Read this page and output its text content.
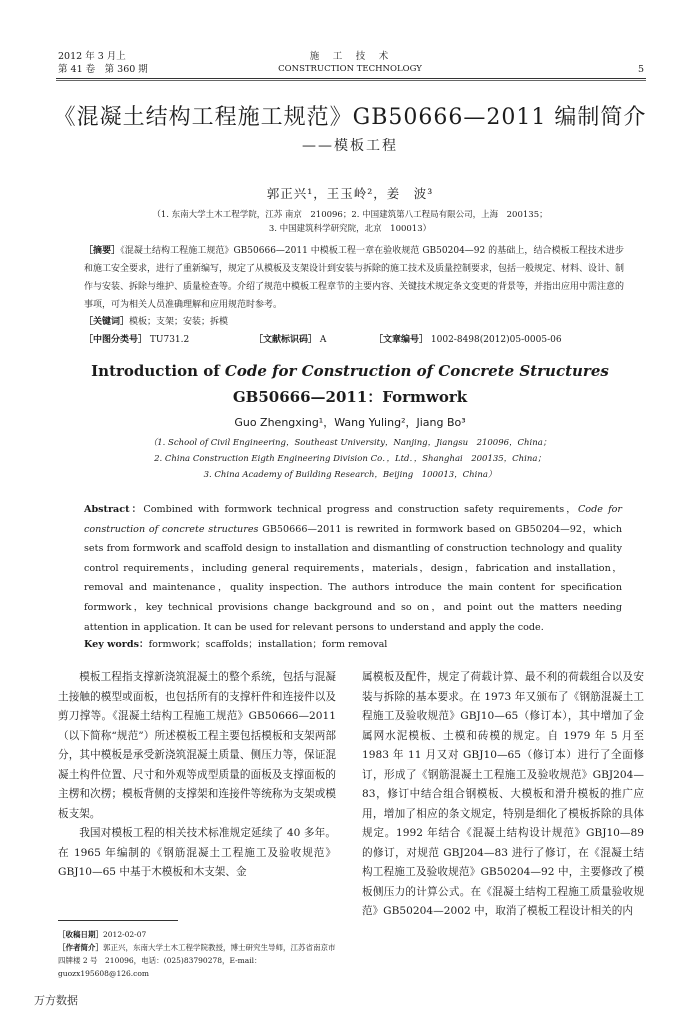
2012 年 3 月上
第 41 卷　第 360 期
施　工　技　术
CONSTRUCTION TECHNOLOGY	5
《混凝土结构工程施工规范》GB50666—2011 编制简介
——模板工程
郭正兴¹，王玉岭²，姜　波³
（1. 东南大学土木工程学院，江苏 南京　210096；2. 中国建筑第八工程局有限公司，上海　200135；
3. 中国建筑科学研究院，北京　100013）
［摘要］《混凝土结构工程施工规范》GB50666—2011 中模板工程一章在验收规范 GB50204—92 的基础上，结合模板工程技术进步和施工安全要求，进行了重新编写，规定了从模板及支架设计到安装与拆除的施工技术及质量控制要求，包括一般规定、材料、设计、制作与安装、拆除与维护、质量检查等。介绍了规范中模板工程章节的主要内容、关键技术规定条文变更的背景等，并指出应用中需注意的事项，可为相关人员准确理解和应用规范时参考。
［关键词］模板；支架；安装；拆模
［中图分类号］ TU731.2	［文献标识码］ A	［文章编号］ 1002-8498(2012)05-0005-06
Introduction of Code for Construction of Concrete Structures
GB50666—2011：Formwork
Guo Zhengxing¹，Wang Yuling²，Jiang Bo³
（1. School of Civil Engineering，Southeast University，Nanjing，Jiangsu　210096，China；
2. China Construction Eigth Engineering Division Co．，Ltd．，Shanghai　200135，China；
3. China Academy of Building Research，Beijing　100013，China）
Abstract：Combined with formwork technical progress and construction safety requirements，Code for construction of concrete structures GB50666—2011 is rewrited in formwork based on GB50204—92，which sets from formwork and scaffold design to installation and dismantling of construction technology and quality control requirements，including general requirements，materials，design，fabrication and installation，removal and maintenance，quality inspection. The authors introduce the main content for specification formwork，key technical provisions change background and so on，and point out the matters needing attention in application. It can be used for relevant persons to understand and apply the code.
Key words：formwork；scaffolds；installation；form removal
模板工程指支撑新浇筑混凝土的整个系统，包括与混凝土接触的模型或面板，也包括所有的支撑杆件和连接件以及剪刀撑等。《混凝土结构工程施工规范》GB50666—2011（以下简称“规范”）所述模板工程主要包括模板和支架两部分，其中模板是承受新浇筑混凝土质量、侧压力等，保证混凝土构件位置、尺寸和外观等成型质量的面板及支撑面板的主楞和次楞；模板背侧的支撑架和连接件等统称为支架或模板支架。
我国对模板工程的相关技术标准规定延续了 40 多年。在 1965 年编制的《钢筋混凝土工程施工及验收规范》GBJ10—65 中基于木模板和木支架、金
属模板及配件，规定了荷载计算、最不利的荷载组合以及安装与拆除的基本要求。在 1973 年又颁布了《钢筋混凝土工程施工及验收规范》GBJ10—65（修订本），其中增加了金属网水泥模板、土模和砖模的规定。自 1979 年 5 月至 1983 年 11 月又对 GBJ10—65（修订本）进行了全面修订，形成了《钢筋混凝土工程施工及验收规范》GBJ204—83，修订中结合组合钢模板、大模板和滑升模板的推广应用，增加了相应的条文规定，特别是细化了模板拆除的具体规定。1992 年结合《混凝土结构设计规范》GBJ10—89 的修订，对规范 GBJ204—83 进行了修订，在《混凝土结构工程施工及验收规范》GB50204—92 中，主要修改了模板侧压力的计算公式。在《混凝土结构工程施工质量验收规范》GB50204—2002 中，取消了模板工程设计相关的内
［收稿日期］2012-02-07
［作者简介］郭正兴，东南大学土木工程学院教授，博士研究生导师，江苏省南京市四牌楼 2 号　210096，电话：(025)83790278，E-mail：guozx195608@126.com
万方数据
